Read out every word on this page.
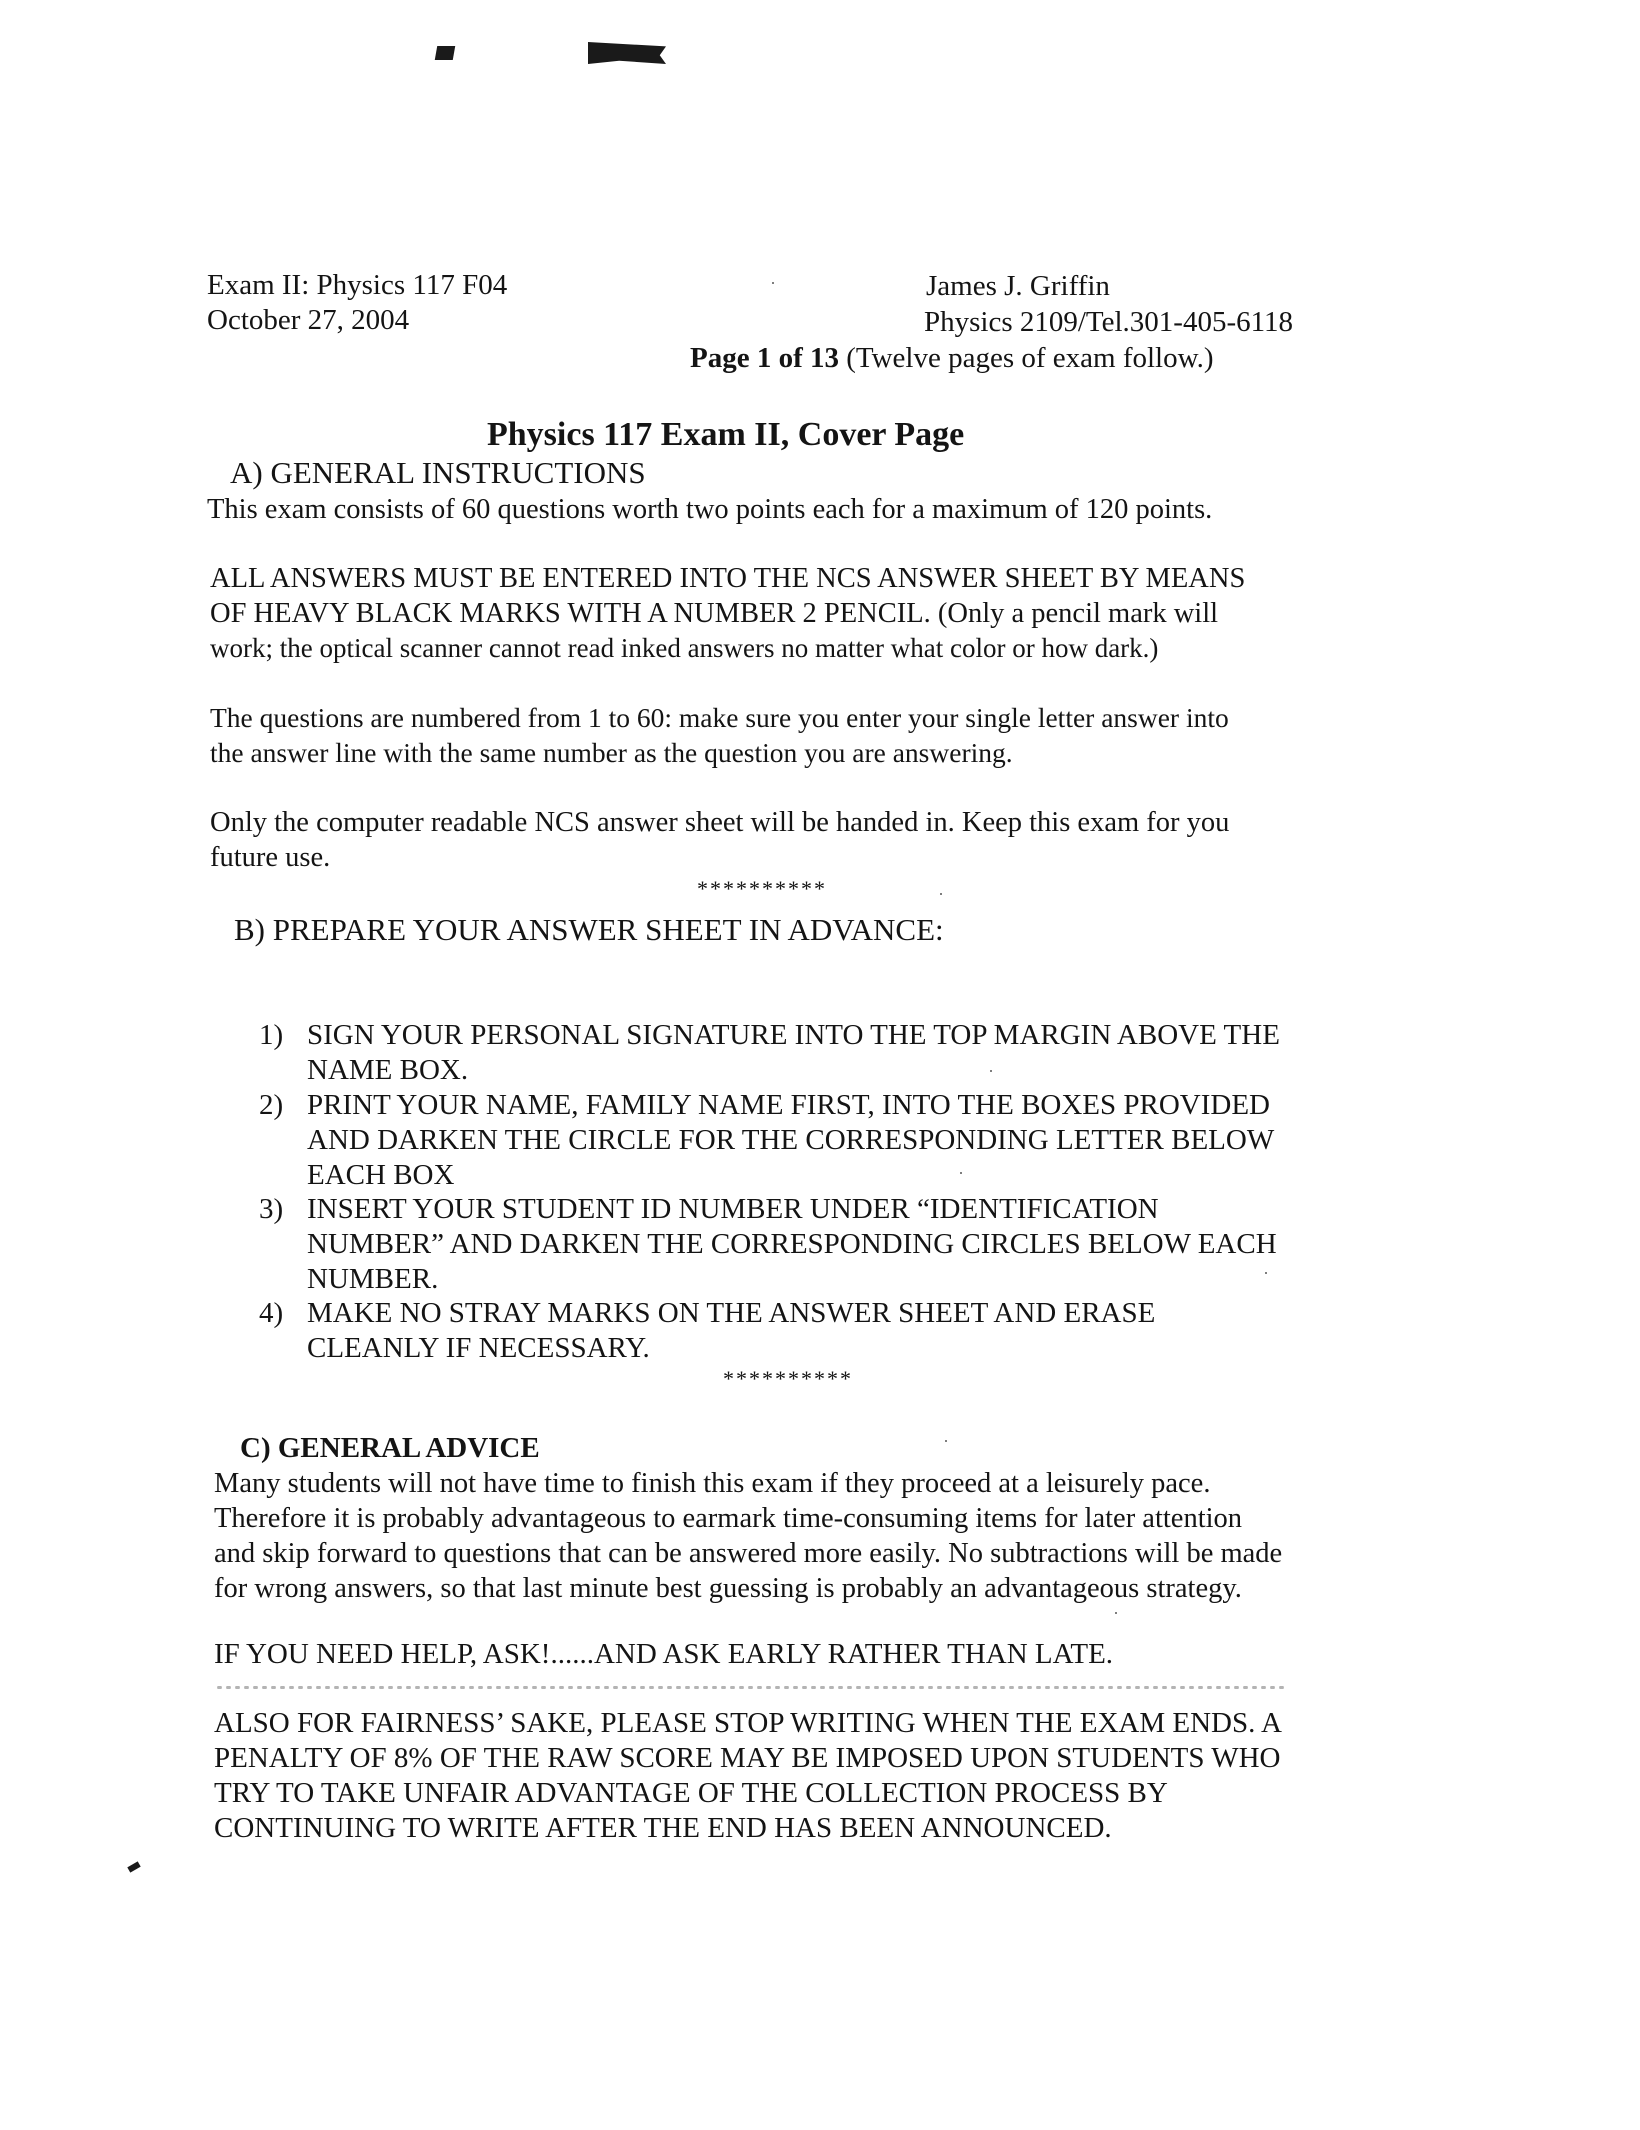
Exam II: Physics 117 F04
October 27, 2004
James J. Griffin
Physics 2109/Tel.301-405-6118
Page 1 of 13 (Twelve pages of exam follow.)
Physics 117 Exam II, Cover Page
A) GENERAL INSTRUCTIONS
This exam consists of 60 questions worth two points each for a maximum of 120 points.
ALL ANSWERS MUST BE ENTERED INTO THE NCS ANSWER SHEET BY MEANS
OF HEAVY BLACK MARKS WITH A NUMBER 2 PENCIL. (Only a pencil mark will
work; the optical scanner cannot read inked answers no matter what color or how dark.)
The questions are numbered from 1 to 60: make sure you enter your single letter answer into
the answer line with the same number as the question you are answering.
Only the computer readable NCS answer sheet will be handed in. Keep this exam for you
future use.
**********
B) PREPARE YOUR ANSWER SHEET IN ADVANCE:
1) SIGN YOUR PERSONAL SIGNATURE INTO THE TOP MARGIN ABOVE THE
NAME BOX.
2) PRINT YOUR NAME, FAMILY NAME FIRST, INTO THE BOXES PROVIDED
AND DARKEN THE CIRCLE FOR THE CORRESPONDING LETTER BELOW
EACH BOX
3) INSERT YOUR STUDENT ID NUMBER UNDER “IDENTIFICATION
NUMBER” AND DARKEN THE CORRESPONDING CIRCLES BELOW EACH
NUMBER.
4) MAKE NO STRAY MARKS ON THE ANSWER SHEET AND ERASE
CLEANLY IF NECESSARY.
**********
C) GENERAL ADVICE
Many students will not have time to finish this exam if they proceed at a leisurely pace.
Therefore it is probably advantageous to earmark time-consuming items for later attention
and skip forward to questions that can be answered more easily. No subtractions will be made
for wrong answers, so that last minute best guessing is probably an advantageous strategy.
IF YOU NEED HELP, ASK!......AND ASK EARLY RATHER THAN LATE.
ALSO FOR FAIRNESS’ SAKE, PLEASE STOP WRITING WHEN THE EXAM ENDS. A
PENALTY OF 8% OF THE RAW SCORE MAY BE IMPOSED UPON STUDENTS WHO
TRY TO TAKE UNFAIR ADVANTAGE OF THE COLLECTION PROCESS BY
CONTINUING TO WRITE AFTER THE END HAS BEEN ANNOUNCED.
